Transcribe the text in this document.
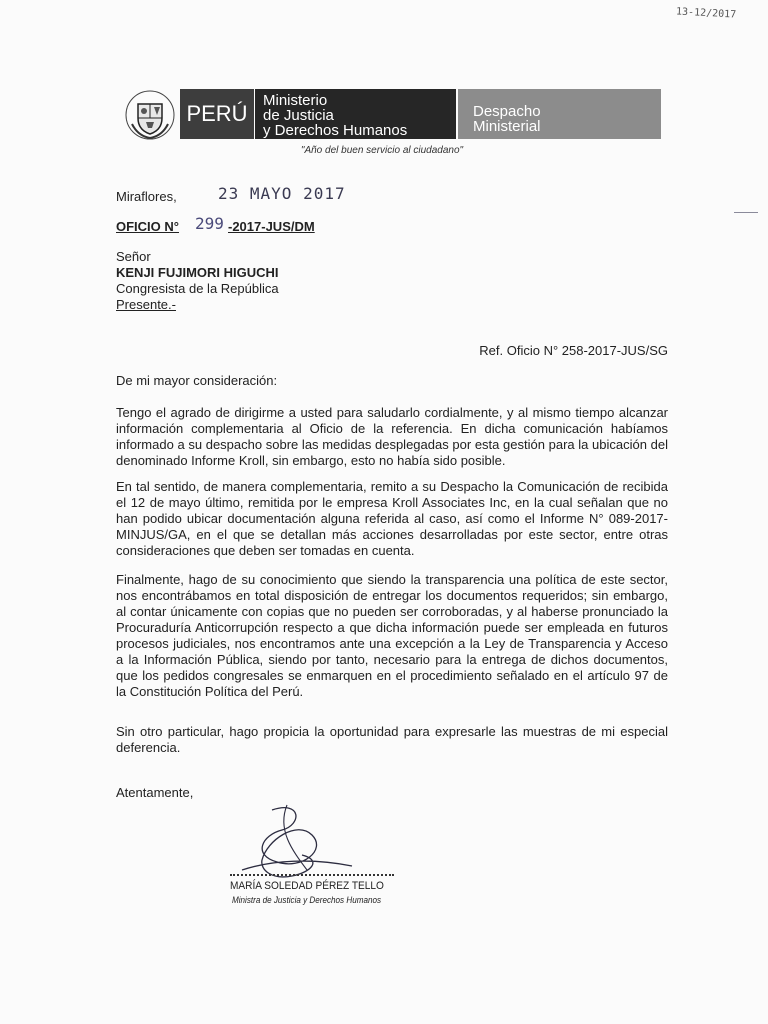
13-12/2017
PERÚ
Ministerio
de Justicia
y Derechos Humanos
Despacho
Ministerial
"Año del buen servicio al ciudadano"
Miraflores,	23 MAYO 2017
OFICIO N° 299 -2017-JUS/DM
Señor
KENJI FUJIMORI HIGUCHI
Congresista de la República
Presente.-
Ref. Oficio N° 258-2017-JUS/SG
De mi mayor consideración:

Tengo el agrado de dirigirme a usted para saludarlo cordialmente, y al mismo tiempo alcanzar información complementaria al Oficio de la referencia. En dicha comunicación habíamos informado a su despacho sobre las medidas desplegadas por esta gestión para la ubicación del denominado Informe Kroll, sin embargo, esto no había sido posible.

En tal sentido, de manera complementaria, remito a su Despacho la Comunicación de recibida el 12 de mayo último, remitida por le empresa Kroll Associates Inc, en la cual señalan que no han podido ubicar documentación alguna referida al caso, así como el Informe N° 089-2017-MINJUS/GA, en el que se detallan más acciones desarrolladas por este sector, entre otras consideraciones que deben ser tomadas en cuenta.

Finalmente, hago de su conocimiento que siendo la transparencia una política de este sector, nos encontrábamos en total disposición de entregar los documentos requeridos; sin embargo, al contar únicamente con copias que no pueden ser corroboradas, y al haberse pronunciado la Procuraduría Anticorrupción respecto a que dicha información puede ser empleada en futuros procesos judiciales, nos encontramos ante una excepción a la Ley de Transparencia y Acceso a la Información Pública, siendo por tanto, necesario para la entrega de dichos documentos, que los pedidos congresales se enmarquen en el procedimiento señalado en el artículo 97 de la Constitución Política del Perú.

Sin otro particular, hago propicia la oportunidad para expresarle las muestras de mi especial deferencia.

Atentamente,
MARÍA SOLEDAD PÉREZ TELLO
Ministra de Justicia y Derechos Humanos
